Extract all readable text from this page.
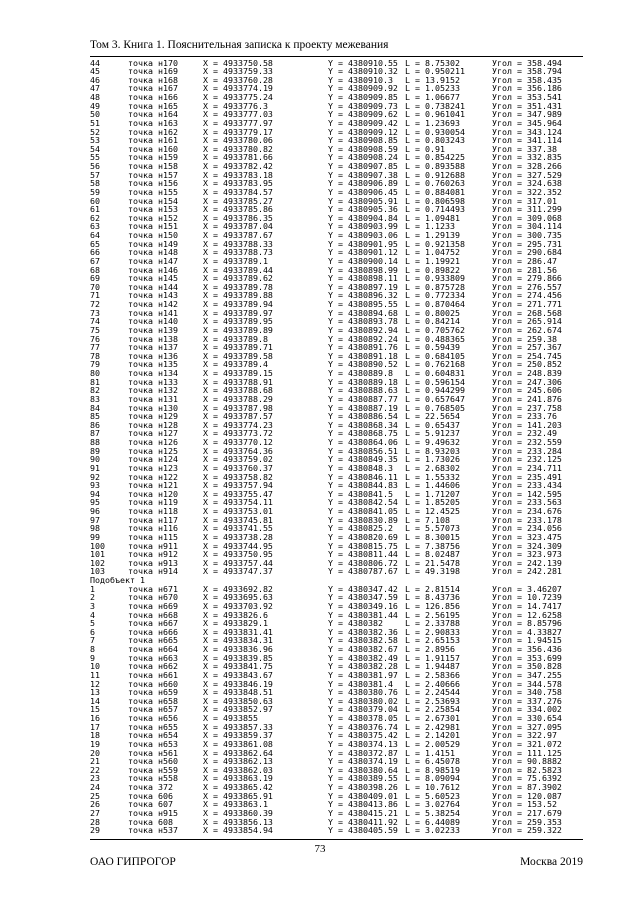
Том 3. Книга 1. Пояснительная записка к проекту межевания
44	точка н170	X = 4933750.58	Y = 4380910.55 L = 8.75302	Угол = 358.494
45	точка н169	X = 4933759.33	Y = 4380910.32 L = 0.950211	Угол = 358.794
46	точка н168	X = 4933760.28	Y = 4380910.3 L = 13.9152	Угол = 358.435
47	точка н167	X = 4933774.19	Y = 4380909.92 L = 1.05233	Угол = 356.186
48	точка н166	X = 4933775.24	Y = 4380909.85 L = 1.06677	Угол = 353.541
49	точка н165	X = 4933776.3	Y = 4380909.73 L = 0.738241	Угол = 351.431
50	точка н164	X = 4933777.03	Y = 4380909.62 L = 0.961041	Угол = 347.989
51	точка н163	X = 4933777.97	Y = 4380909.42 L = 1.23693	Угол = 345.964
52	точка н162	X = 4933779.17	Y = 4380909.12 L = 0.930054	Угол = 343.124
53	точка н161	X = 4933780.06	Y = 4380908.85 L = 0.803243	Угол = 341.114
54	точка н160	X = 4933780.82	Y = 4380908.59 L = 0.91	Угол = 337.38
55	точка н159	X = 4933781.66	Y = 4380908.24 L = 0.854225	Угол = 332.835
56	точка н158	X = 4933782.42	Y = 4380907.85 L = 0.893588	Угол = 328.266
57	точка н157	X = 4933783.18	Y = 4380907.38 L = 0.912688	Угол = 327.529
58	точка н156	X = 4933783.95	Y = 4380906.89 L = 0.760263	Угол = 324.638
59	точка н155	X = 4933784.57	Y = 4380906.45 L = 0.884081	Угол = 322.352
60	точка н154	X = 4933785.27	Y = 4380905.91 L = 0.806598	Угол = 317.01
61	точка н153	X = 4933785.86	Y = 4380905.36 L = 0.714493	Угол = 311.299
62	точка н152	X = 4933786.35	Y = 4380904.84 L = 1.09481	Угол = 309.068
63	точка н151	X = 4933787.04	Y = 4380903.99 L = 1.1233	Угол = 304.114
64	точка н150	X = 4933787.67	Y = 4380903.06 L = 1.29139	Угол = 300.735
65	точка н149	X = 4933788.33	Y = 4380901.95 L = 0.921358	Угол = 295.731
66	точка н148	X = 4933788.73	Y = 4380901.12 L = 1.04752	Угол = 290.684
67	точка н147	X = 4933789.1	Y = 4380900.14 L = 1.19921	Угол = 286.47
68	точка н146	X = 4933789.44	Y = 4380898.99 L = 0.89822	Угол = 281.56
69	точка н145	X = 4933789.62	Y = 4380898.11 L = 0.933809	Угол = 279.866
70	точка н144	X = 4933789.78	Y = 4380897.19 L = 0.875728	Угол = 276.557
71	точка н143	X = 4933789.88	Y = 4380896.32 L = 0.772334	Угол = 274.456
72	точка н142	X = 4933789.94	Y = 4380895.55 L = 0.870464	Угол = 271.771
73	точка н141	X = 4933789.97	Y = 4380894.68 L = 0.80025	Угол = 268.568
74	точка н140	X = 4933789.95	Y = 4380893.78 L = 0.84214	Угол = 265.914
75	точка н139	X = 4933789.89	Y = 4380892.94 L = 0.705762	Угол = 262.674
76	точка н138	X = 4933789.8	Y = 4380892.24 L = 0.488365	Угол = 259.38
77	точка н137	X = 4933789.71	Y = 4380891.76 L = 0.59439	Угол = 257.367
78	точка н136	X = 4933789.58	Y = 4380891.18 L = 0.684105	Угол = 254.745
79	точка н135	X = 4933789.4	Y = 4380890.52 L = 0.762168	Угол = 250.852
80	точка н134	X = 4933789.15	Y = 4380889.8 L = 0.604831	Угол = 248.839
81	точка н133	X = 4933788.91	Y = 4380889.18 L = 0.596154	Угол = 247.306
82	точка н132	X = 4933788.68	Y = 4380888.63 L = 0.944299	Угол = 245.606
83	точка н131	X = 4933788.29	Y = 4380887.77 L = 0.657647	Угол = 241.876
84	точка н130	X = 4933787.98	Y = 4380887.19 L = 0.768505	Угол = 237.758
85	точка н129	X = 4933787.57	Y = 4380886.54 L = 22.5654	Угол = 233.76
86	точка н128	X = 4933774.23	Y = 4380868.34 L = 0.65437	Угол = 141.203
87	точка н127	X = 4933773.72	Y = 4380868.75 L = 5.91237	Угол = 232.49
88	точка н126	X = 4933770.12	Y = 4380864.06 L = 9.49632	Угол = 232.559
89	точка н125	X = 4933764.36	Y = 4380856.51 L = 8.93203	Угол = 233.284
90	точка н124	X = 4933759.02	Y = 4380849.35 L = 1.73026	Угол = 232.125
91	точка н123	X = 4933760.37	Y = 4380848.3 L = 2.68302	Угол = 234.711
92	точка н122	X = 4933758.82	Y = 4380846.11 L = 1.55332	Угол = 235.491
93	точка н121	X = 4933757.94	Y = 4380844.83 L = 1.44606	Угол = 233.434
94	точка н120	X = 4933755.47	Y = 4380841.5 L = 1.71207	Угол = 142.595
95	точка н119	X = 4933754.11	Y = 4380842.54 L = 1.85205	Угол = 233.563
96	точка н118	X = 4933753.01	Y = 4380841.05 L = 12.4525	Угол = 234.676
97	точка н117	X = 4933745.81	Y = 4380830.89 L = 7.108	Угол = 233.178
98	точка н116	X = 4933741.55	Y = 4380825.2 L = 5.57073	Угол = 234.056
99	точка н115	X = 4933738.28	Y = 4380820.69 L = 8.30015	Угол = 323.475
100	точка н911	X = 4933744.95	Y = 4380815.75 L = 7.38756	Угол = 324.309
101	точка н912	X = 4933750.95	Y = 4380811.44 L = 8.02487	Угол = 323.973
102	точка н913	X = 4933757.44	Y = 4380806.72 L = 21.5478	Угол = 242.139
103	точка н914	X = 4933747.37	Y = 4380787.67 L = 49.3198	Угол = 242.281
Подобъект 1
1	точка н671	X = 4933692.82	Y = 4380347.42 L = 2.81514	Угол = 3.46207
2	точка н670	X = 4933695.63	Y = 4380347.59 L = 8.43736	Угол = 10.7239
3	точка н669	X = 4933703.92	Y = 4380349.16 L = 126.856	Угол = 14.7417
4	точка н668	X = 4933826.6	Y = 4380381.44 L = 2.56195	Угол = 12.6258
5	точка н667	X = 4933829.1	Y = 4380382	L = 2.33788	Угол = 8.85796
6	точка н666	X = 4933831.41	Y = 4380382.36 L = 2.90833	Угол = 4.33827
7	точка н665	X = 4933834.31	Y = 4380382.58 L = 2.65153	Угол = 1.94515
8	точка н664	X = 4933836.96	Y = 4380382.67 L = 2.8956	Угол = 356.436
9	точка н663	X = 4933839.85	Y = 4380382.49 L = 1.91157	Угол = 353.699
10	точка н662	X = 4933841.75	Y = 4380382.28 L = 1.94487	Угол = 350.828
11	точка н661	X = 4933843.67	Y = 4380381.97 L = 2.58366	Угол = 347.255
12	точка н660	X = 4933846.19	Y = 4380381.4 L = 2.40666	Угол = 344.578
13	точка н659	X = 4933848.51	Y = 4380380.76 L = 2.24544	Угол = 340.758
14	точка н658	X = 4933850.63	Y = 4380380.02 L = 2.53693	Угол = 337.276
15	точка н657	X = 4933852.97	Y = 4380379.04 L = 2.25854	Угол = 334.002
16	точка н656	X = 4933855	Y = 4380378.05 L = 2.67301	Угол = 330.654
17	точка н655	X = 4933857.33	Y = 4380376.74 L = 2.42981	Угол = 327.095
18	точка н654	X = 4933859.37	Y = 4380375.42 L = 2.14201	Угол = 322.97
19	точка н653	X = 4933861.08	Y = 4380374.13 L = 2.00529	Угол = 321.072
20	точка н561	X = 4933862.64	Y = 4380372.87 L = 1.4151	Угол = 111.125
21	точка н560	X = 4933862.13	Y = 4380374.19 L = 6.45078	Угол = 90.8882
22	точка н559	X = 4933862.03	Y = 4380380.64 L = 8.98519	Угол = 82.5823
23	точка н558	X = 4933863.19	Y = 4380389.55 L = 8.09094	Угол = 75.6392
24	точка 372	X = 4933865.42	Y = 4380398.26 L = 10.7612	Угол = 87.3902
25	точка 606	X = 4933865.91	Y = 4380409.01 L = 5.60523	Угол = 120.087
26	точка 607	X = 4933863.1	Y = 4380413.86 L = 3.02764	Угол = 153.52
27	точка н915	X = 4933860.39	Y = 4380415.21 L = 5.38254	Угол = 217.679
28	точка 608	X = 4933856.13	Y = 4380411.92 L = 6.44089	Угол = 259.353
29	точка н537	X = 4933854.94	Y = 4380405.59 L = 3.02233	Угол = 259.322
73
ОАО ГИПРОГОР	Москва 2019
